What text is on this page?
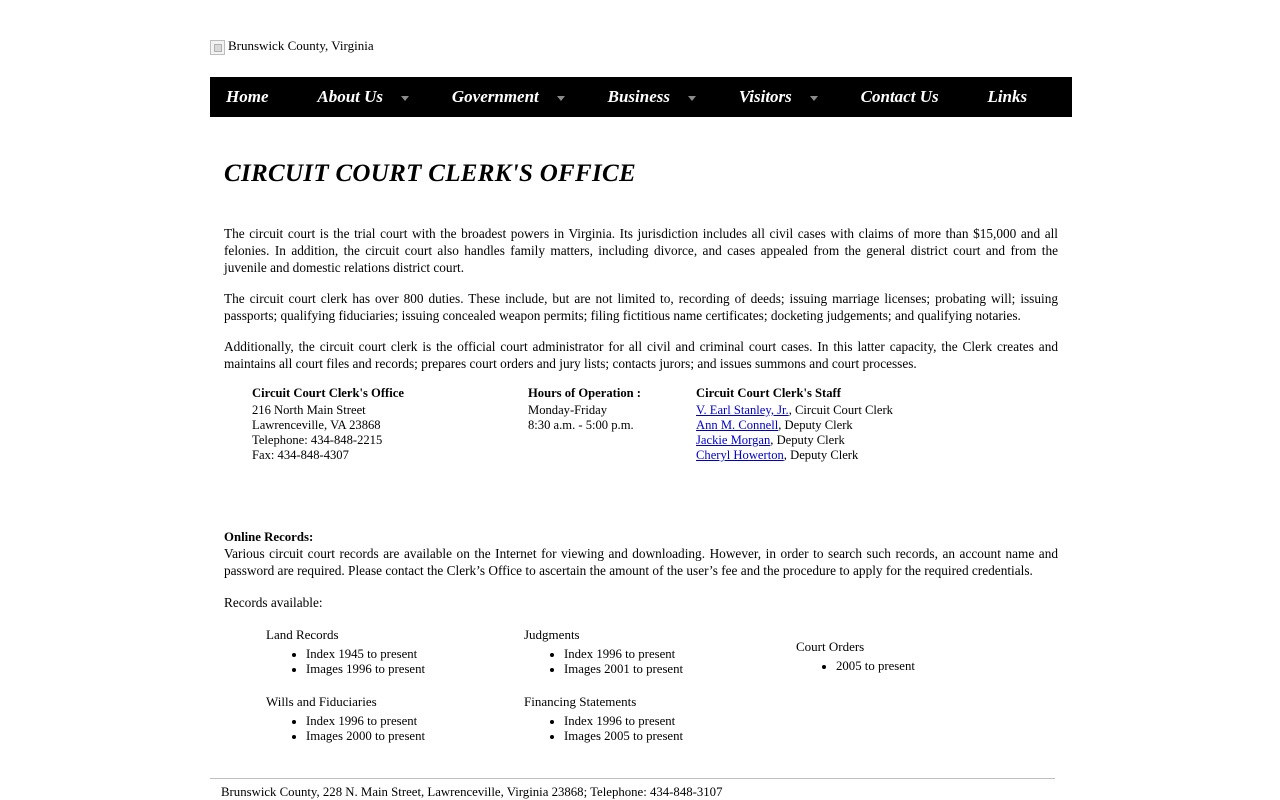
Brunswick County, Virginia
Home	About Us	Government	Business	Visitors	Contact Us	Links
CIRCUIT COURT CLERK'S OFFICE

The circuit court is the trial court with the broadest powers in Virginia. Its jurisdiction includes all civil cases with claims of more than $15,000 and all felonies. In addition, the circuit court also handles family matters, including divorce, and cases appealed from the general district court and from the juvenile and domestic relations district court.

The circuit court clerk has over 800 duties. These include, but are not limited to, recording of deeds; issuing marriage licenses; probating will; issuing passports; qualifying fiduciaries; issuing concealed weapon permits; filing fictitious name certificates; docketing judgements; and qualifying notaries.

Additionally, the circuit court clerk is the official court administrator for all civil and criminal court cases. In this latter capacity, the Clerk creates and maintains all court files and records; prepares court orders and jury lists; contacts jurors; and issues summons and court processes.

Circuit Court Clerk's Office
216 North Main Street
Lawrenceville, VA 23868
Telephone: 434-848-2215
Fax: 434-848-4307
Hours of Operation :
Monday-Friday
8:30 a.m. - 5:00 p.m.
Circuit Court Clerk's Staff
V. Earl Stanley, Jr., Circuit Court Clerk
Ann M. Connell, Deputy Clerk
Jackie Morgan, Deputy Clerk
Cheryl Howerton, Deputy Clerk
Online Records:

Various circuit court records are available on the Internet for viewing and downloading. However, in order to search such records, an account name and password are required. Please contact the Clerk’s Office to ascertain the amount of the user’s fee and the procedure to apply for the required credentials.

Records available:
Land Records
• Index 1945 to present
• Images 1996 to present
Wills and Fiduciaries
• Index 1996 to present
• Images 2000 to present
Judgments
• Index 1996 to present
• Images 2001 to present
Financing Statements
• Index 1996 to present
• Images 2005 to present
Court Orders
• 2005 to present
Brunswick County, 228 N. Main Street, Lawrenceville, Virginia 23868; Telephone: 434-848-3107
